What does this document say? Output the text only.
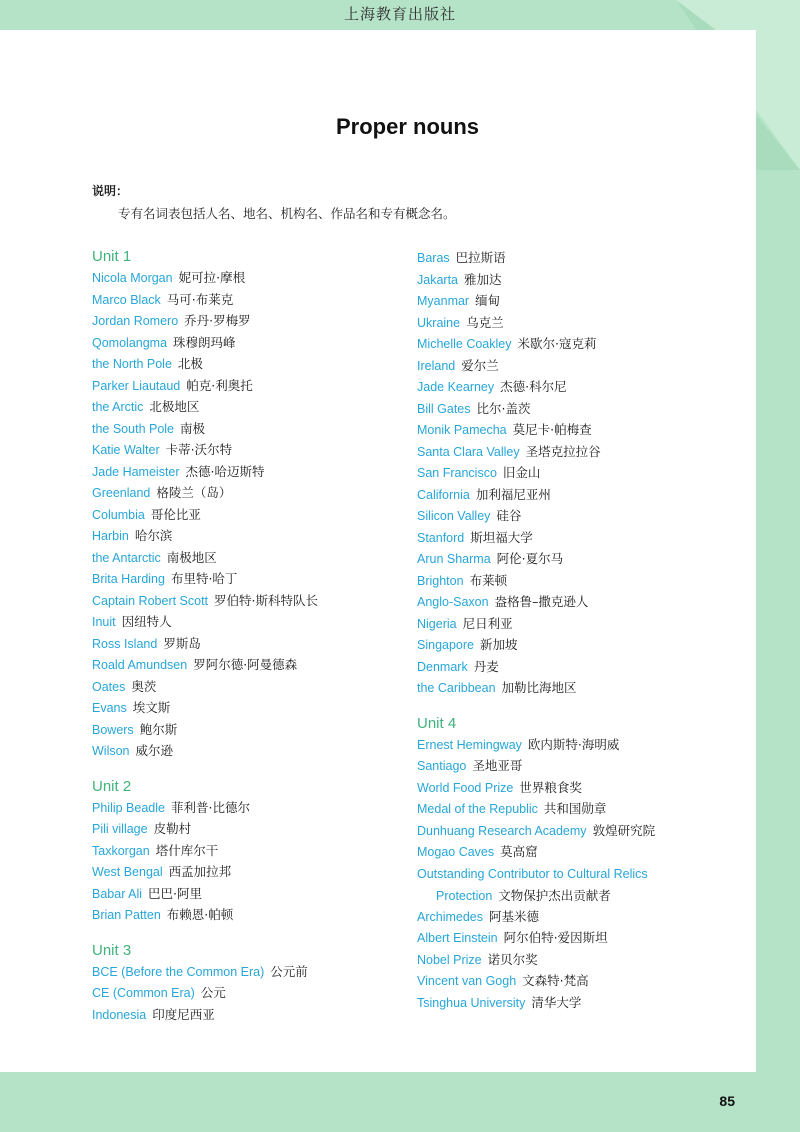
上海教育出版社
Appendices
Proper nouns
说明：
专有名词表包括人名、地名、机构名、作品名和专有概念名。
Unit 1
Nicola Morgan 妮可拉·摩根
Marco Black 马可·布莱克
Jordan Romero 乔丹·罗梅罗
Qomolangma 珠穆朗玛峰
the North Pole 北极
Parker Liautaud 帕克·利奥托
the Arctic 北极地区
the South Pole 南极
Katie Walter 卡蒂·沃尔特
Jade Hameister 杰德·哈迈斯特
Greenland 格陵兰（岛）
Columbia 哥伦比亚
Harbin 哈尔滨
the Antarctic 南极地区
Brita Harding 布里特·哈丁
Captain Robert Scott 罗伯特·斯科特队长
Inuit 因纽特人
Ross Island 罗斯岛
Roald Amundsen 罗阿尔德·阿曼德森
Oates 奥茨
Evans 埃文斯
Bowers 鲍尔斯
Wilson 威尔逊
Unit 2
Philip Beadle 菲利普·比德尔
Pili village 皮勒村
Taxkorgan 塔什库尔干
West Bengal 西孟加拉邦
Babar Ali 巴巴·阿里
Brian Patten 布赖恩·帕顿
Unit 3
BCE (Before the Common Era) 公元前
CE (Common Era) 公元
Indonesia 印度尼西亚
Baras 巴拉斯语
Jakarta 雅加达
Myanmar 缅甸
Ukraine 乌克兰
Michelle Coakley 米歇尔·寇克莉
Ireland 爱尔兰
Jade Kearney 杰德·科尔尼
Bill Gates 比尔·盖茨
Monik Pamecha 莫尼卡·帕梅查
Santa Clara Valley 圣塔克拉拉谷
San Francisco 旧金山
California 加利福尼亚州
Silicon Valley 硅谷
Stanford 斯坦福大学
Arun Sharma 阿伦·夏尔马
Brighton 布莱顿
Anglo-Saxon 盎格鲁–撒克逊人
Nigeria 尼日利亚
Singapore 新加坡
Denmark 丹麦
the Caribbean 加勒比海地区
Unit 4
Ernest Hemingway 欧内斯特·海明威
Santiago 圣地亚哥
World Food Prize 世界粮食奖
Medal of the Republic 共和国勋章
Dunhuang Research Academy 敦煌研究院
Mogao Caves 莫高窟
Outstanding Contributor to Cultural Relics
Protection 文物保护杰出贡献者
Archimedes 阿基米德
Albert Einstein 阿尔伯特·爱因斯坦
Nobel Prize 诺贝尔奖
Vincent van Gogh 文森特·梵高
Tsinghua University 清华大学
85
